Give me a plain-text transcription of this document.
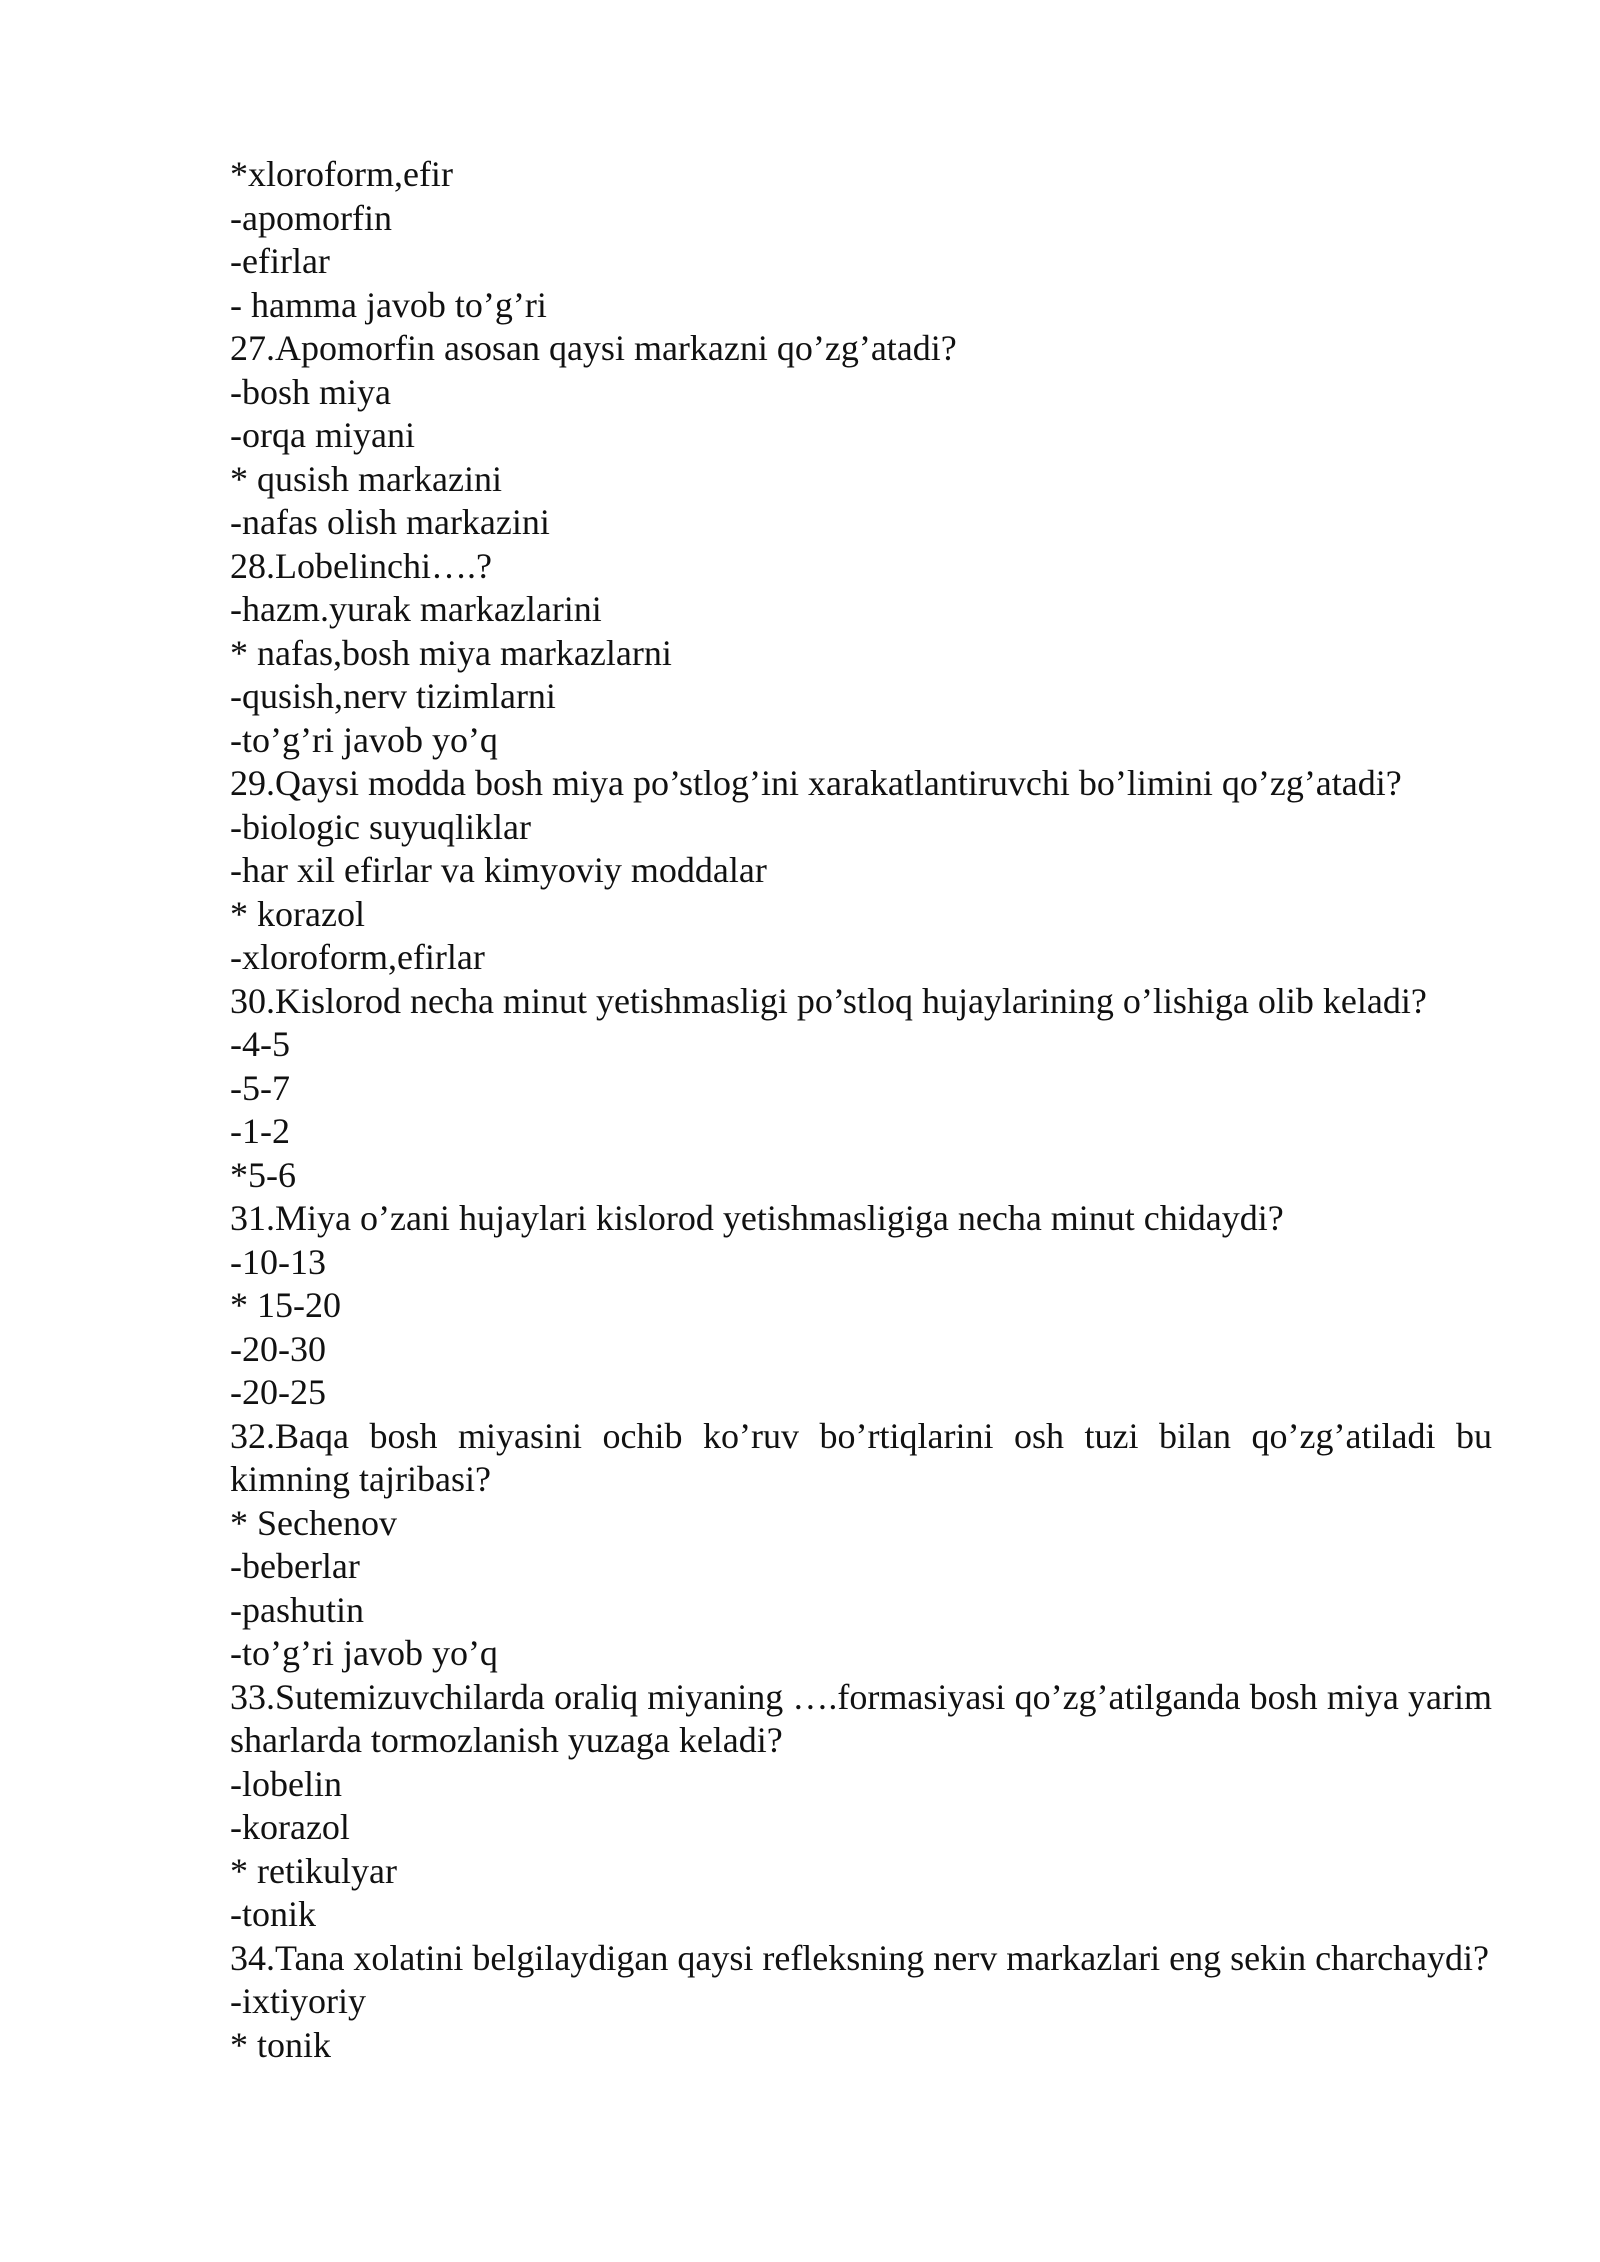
*xloroform,efir

-apomorfin

-efirlar

- hamma javob to’g’ri

27.Apomorfin asosan qaysi markazni qo’zg’atadi?

-bosh miya

-orqa miyani

* qusish markazini

-nafas olish markazini

28.Lobelinchi….?

-hazm.yurak markazlarini

* nafas,bosh miya markazlarni

-qusish,nerv tizimlarni

-to’g’ri javob yo’q

29.Qaysi modda bosh miya po’stlog’ini xarakatlantiruvchi bo’limini qo’zg’atadi?

-biologic suyuqliklar

-har xil efirlar va kimyoviy moddalar

* korazol

-xloroform,efirlar

30.Kislorod necha minut yetishmasligi po’stloq hujaylarining o’lishiga olib keladi?

-4-5

-5-7

-1-2

*5-6

31.Miya o’zani hujaylari kislorod yetishmasligiga necha minut chidaydi?

-10-13

* 15-20

-20-30

-20-25

32.Baqa bosh miyasini ochib ko’ruv bo’rtiqlarini osh tuzi bilan qo’zg’atiladi bu kimning tajribasi?

* Sechenov

-beberlar

-pashutin

-to’g’ri javob yo’q

33.Sutemizuvchilarda oraliq miyaning ….formasiyasi qo’zg’atilganda bosh miya yarim sharlarda tormozlanish yuzaga keladi?

-lobelin

-korazol

* retikulyar

-tonik

34.Tana xolatini belgilaydigan qaysi refleksning nerv markazlari eng sekin charchaydi?

-ixtiyoriy

* tonik
